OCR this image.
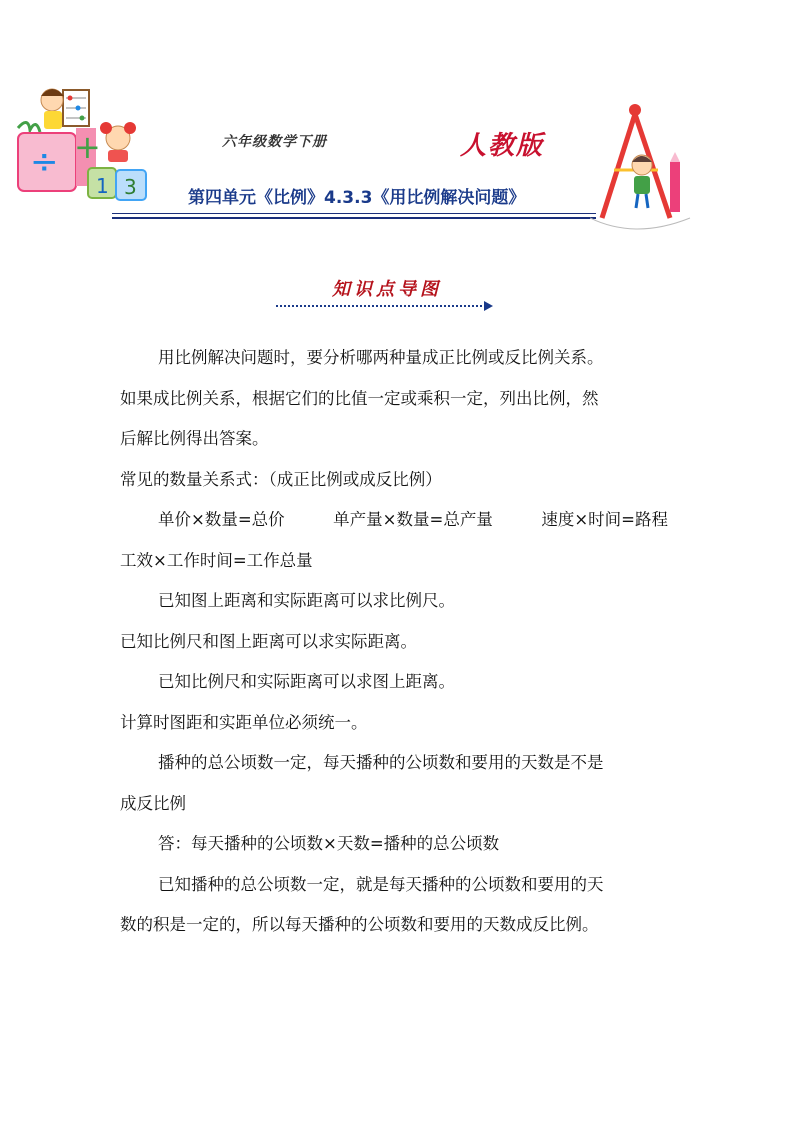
÷ +
1 3
六年级数学下册	人教版
第四单元《比例》4.3.3《用比例解决问题》
知识点导图

用比例解决问题时，要分析哪两种量成正比例或反比例关系。

如果成比例关系，根据它们的比值一定或乘积一定，列出比例，然

后解比例得出答案。

常见的数量关系式：（成正比例或成反比例）

单价×数量=总价	单产量×数量=总产量	速度×时间=路程

工效×工作时间=工作总量

已知图上距离和实际距离可以求比例尺。

已知比例尺和图上距离可以求实际距离。

已知比例尺和实际距离可以求图上距离。

计算时图距和实距单位必须统一。

播种的总公顷数一定，每天播种的公顷数和要用的天数是不是

成反比例

答：每天播种的公顷数×天数=播种的总公顷数

已知播种的总公顷数一定，就是每天播种的公顷数和要用的天

数的积是一定的，所以每天播种的公顷数和要用的天数成反比例。
